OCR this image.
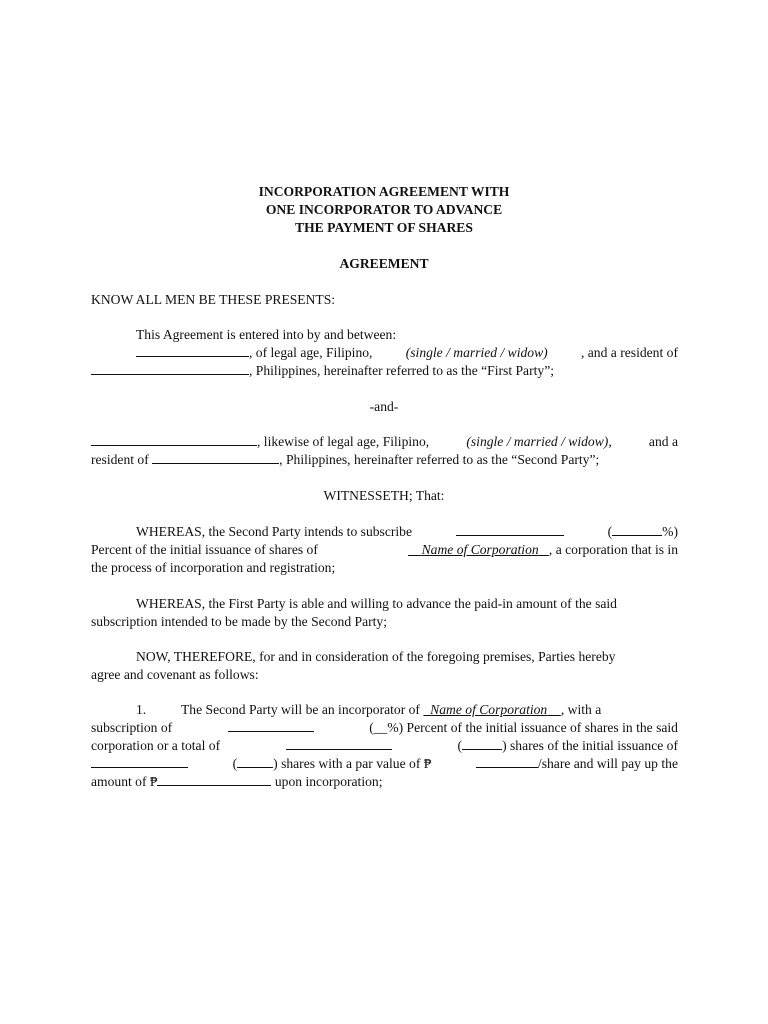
INCORPORATION AGREEMENT WITH
ONE INCORPORATOR TO ADVANCE
THE PAYMENT OF SHARES
AGREEMENT
KNOW ALL MEN BE THESE PRESENTS:
This Agreement is entered into by and between:
, of legal age, Filipino, (single / married / widow) , and a resident of
, Philippines, hereinafter referred to as the “First Party”;
-and-
, likewise of legal age, Filipino,	(single / married / widow),	and a
resident of	, Philippines, hereinafter referred to as the “Second Party”;
WITNESSETH; That:
WHEREAS, the Second Party intends to subscribe	(	%)
Percent of the initial issuance of shares of	Name of Corporation , a corporation that is in
the process of incorporation and registration;
WHEREAS, the First Party is able and willing to advance the paid-in amount of the said
subscription intended to be made by the Second Party;
NOW, THEREFORE, for and in consideration of the foregoing premises, Parties hereby
agree and covenant as follows:
1.	The Second Party will be an incorporator of Name of Corporation , with a
subscription of	(__%) Percent of the initial issuance of shares in the said
corporation or a total of	(	) shares of the initial issuance of
(	) shares with a par value of ₱	/share and will pay up the
amount of ₱	upon incorporation;
